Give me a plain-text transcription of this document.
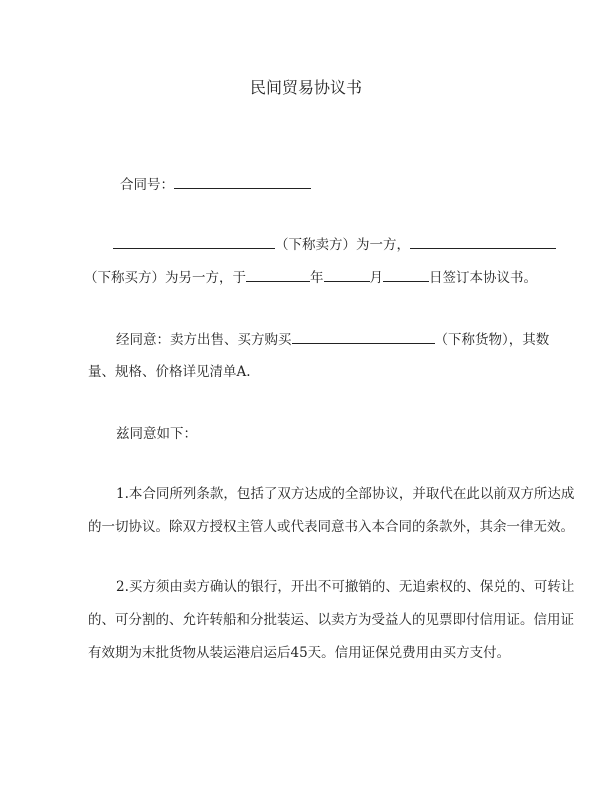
民间贸易协议书
合同号：
（下称卖方）为一方，
（下称买方）为另一方，于	年	月	日签订本协议书。
经同意：卖方出售、买方购买	（下称货物），其数
量、规格、价格详见清单A.
兹同意如下：
1.本合同所列条款，包括了双方达成的全部协议，并取代在此以前双方所达成
的一切协议。除双方授权主管人或代表同意书入本合同的条款外，其余一律无效。
2.买方须由卖方确认的银行，开出不可撤销的、无追索权的、保兑的、可转让
的、可分割的、允许转船和分批装运、以卖方为受益人的见票即付信用证。信用证
有效期为末批货物从装运港启运后45天。信用证保兑费用由买方支付。
